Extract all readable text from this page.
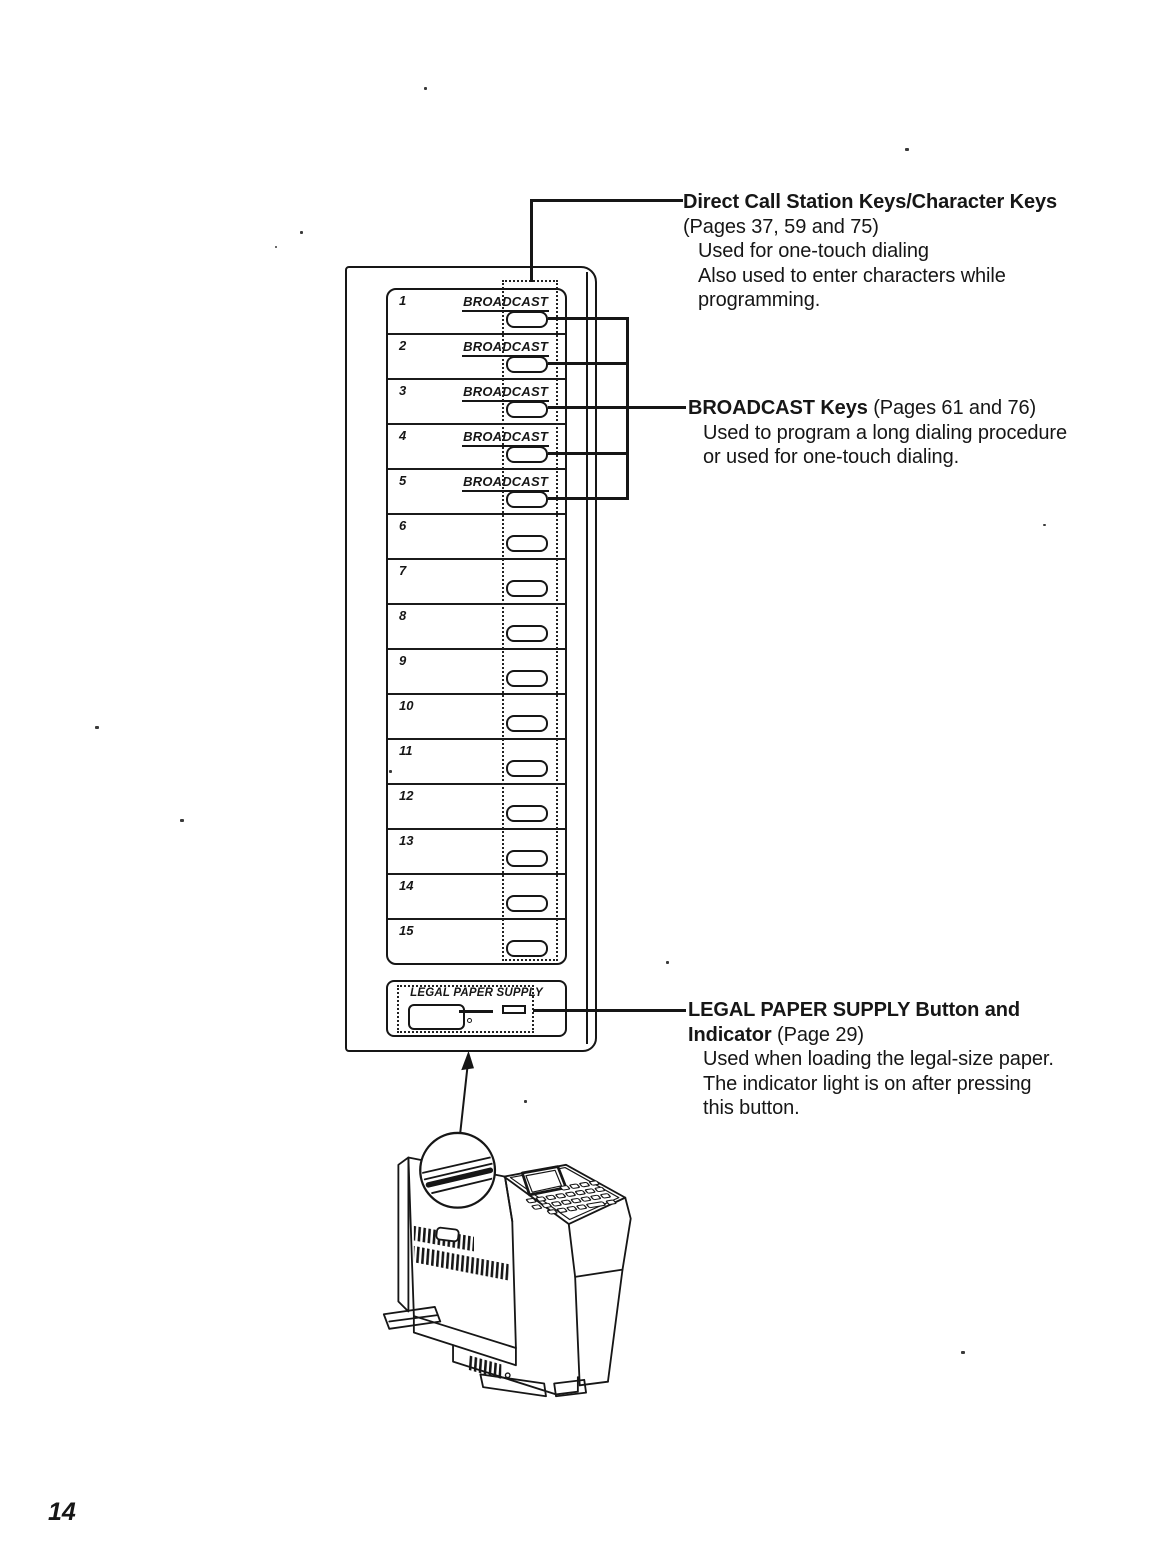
1	BROADCAST
2	BROADCAST
3	BROADCAST
4	BROADCAST
5	BROADCAST
6
7
8
9
10
11
12
13
14
15
LEGAL PAPER SUPPLY
Direct Call Station Keys/Character Keys
(Pages 37, 59 and 75)
Used for one-touch dialing
Also used to enter characters while
programming.
BROADCAST Keys (Pages 61 and 76)
Used to program a long dialing procedure
or used for one-touch dialing.
LEGAL PAPER SUPPLY Button and
Indicator (Page 29)
Used when loading the legal-size paper.
The indicator light is on after pressing
this button.
14
